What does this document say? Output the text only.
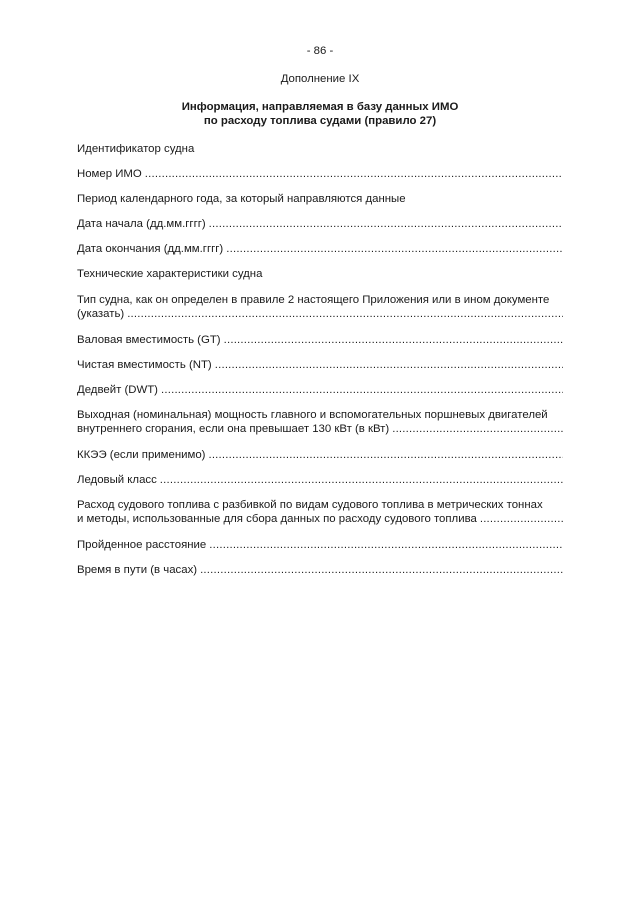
- 86 -
Дополнение IX
Информация, направляемая в базу данных ИМО
по расходу топлива судами (правило 27)
Идентификатор судна
Номер ИМО
.....
Период календарного года, за который направляются данные
Дата начала (дд.мм.гггг)
.....
Дата окончания (дд.мм.гггг)
.....
Технические характеристики судна
Тип судна, как он определен в правиле 2 настоящего Приложения или в ином документе
(указать)
.....
Валовая вместимость (GT)
.....
Чистая вместимость (NT)
.....
Дедвейт (DWT)
.....
Выходная (номинальная) мощность главного и вспомогательных поршневых двигателей
внутреннего сгорания, если она превышает 130 кВт (в кВт)
.....
ККЭЭ (если применимо)
.....
Ледовый класс
.....
Расход судового топлива с разбивкой по видам судового топлива в метрических тоннах
и методы, использованные для сбора данных по расходу судового топлива
.....
Пройденное расстояние
.....
Время в пути (в часах)
.....
